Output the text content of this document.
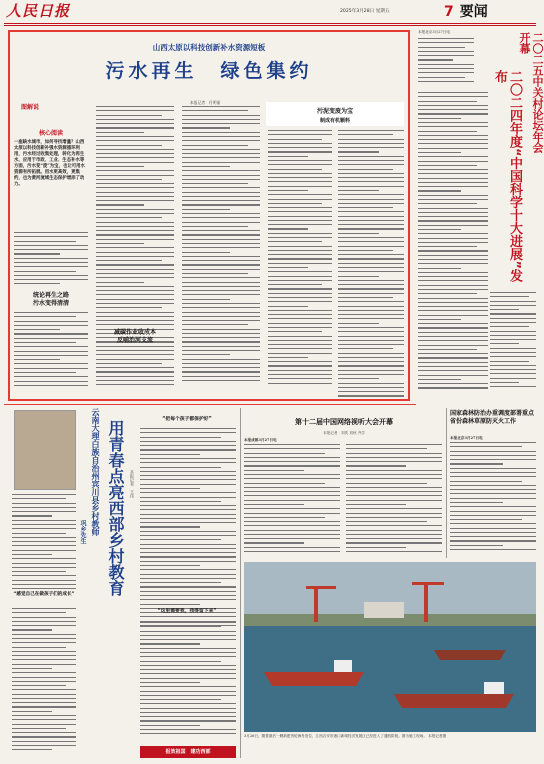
人民日报	2025年3月28日 星期五	7 要闻
山西太原以科技创新补水资源短板
污水再生　绿色集约
本报记者　付明丽
图解说
核心阅读
一座缺水城市，如何寻找增量？山西太原以科技创新补强水资源循环利用，污水经过收集处理，转化为再生水，应用于市政、工业、生态补水等方面，污水变“废”为宝，也让可用水资源有所拓展。用水更高效，更集约，也为黄河流域生态保护增添了动力。
统论再生之路
污水变得清清
减碳作业收成本
反哺治河支流
污泥变废为宝
制成有机颗料
本报北京3月27日电	二〇二五中关村论坛年会开幕
二〇二四年度“中国科学十大进展”发布
云南大理白族自治州宾川县乡村教师
巩乡先生 用青春点亮西部乡村教育 本报记者　王伟
“感觉自己在做孩子们的成长”
“把每个孩子都保护好”
“这里需要我，我得留下来”
报效祖国　建功西部
第十二届中国网络视听大会开幕
本报记者　刘奕 刘秋 齐学
本报成都3月27日电
国家森林防治办重调度部署重点省份森林草原防灭火工作
本报北京3月27日电
3月26日，随着最后一艘新建货轮海舟泊位，江西吉安市港口新城经济发展区已经进入了通航阶段。图为施工现场。 本报记者摄
